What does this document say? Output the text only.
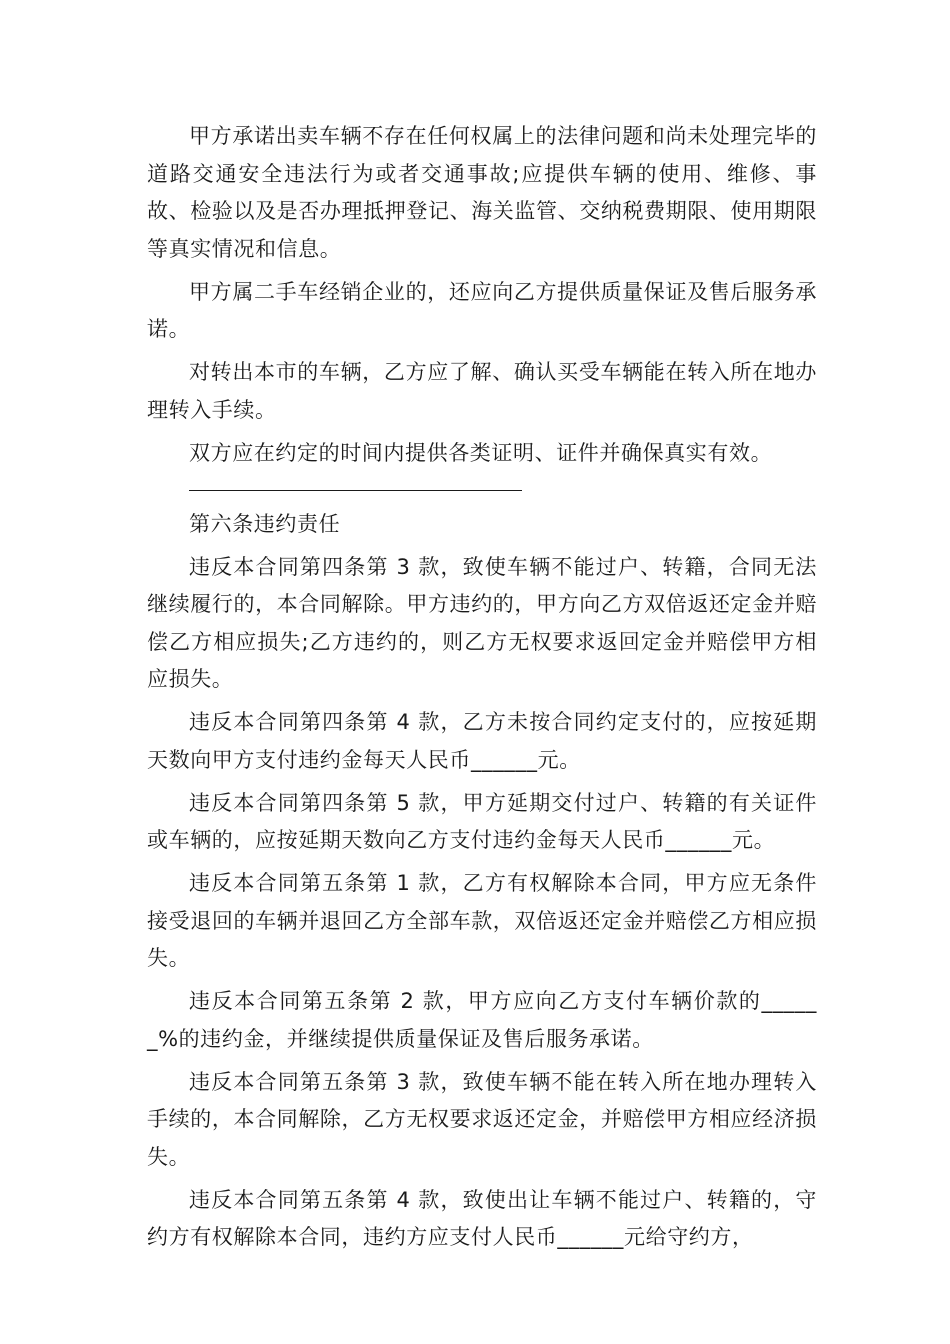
甲方承诺出卖车辆不存在任何权属上的法律问题和尚未处理完毕的道路交通安全违法行为或者交通事故;应提供车辆的使用、维修、事故、检验以及是否办理抵押登记、海关监管、交纳税费期限、使用期限等真实情况和信息。

甲方属二手车经销企业的，还应向乙方提供质量保证及售后服务承诺。

对转出本市的车辆，乙方应了解、确认买受车辆能在转入所在地办理转入手续。

双方应在约定的时间内提供各类证明、证件并确保真实有效。

第六条违约责任

违反本合同第四条第 3 款，致使车辆不能过户、转籍，合同无法继续履行的，本合同解除。甲方违约的，甲方向乙方双倍返还定金并赔偿乙方相应损失;乙方违约的，则乙方无权要求返回定金并赔偿甲方相应损失。

违反本合同第四条第 4 款，乙方未按合同约定支付的，应按延期天数向甲方支付违约金每天人民币______元。

违反本合同第四条第 5 款，甲方延期交付过户、转籍的有关证件或车辆的，应按延期天数向乙方支付违约金每天人民币______元。

违反本合同第五条第 1 款，乙方有权解除本合同，甲方应无条件接受退回的车辆并退回乙方全部车款，双倍返还定金并赔偿乙方相应损失。

违反本合同第五条第 2 款，甲方应向乙方支付车辆价款的______%的违约金，并继续提供质量保证及售后服务承诺。

违反本合同第五条第 3 款，致使车辆不能在转入所在地办理转入手续的，本合同解除，乙方无权要求返还定金，并赔偿甲方相应经济损失。

违反本合同第五条第 4 款，致使出让车辆不能过户、转籍的，守约方有权解除本合同，违约方应支付人民币______元给守约方，
